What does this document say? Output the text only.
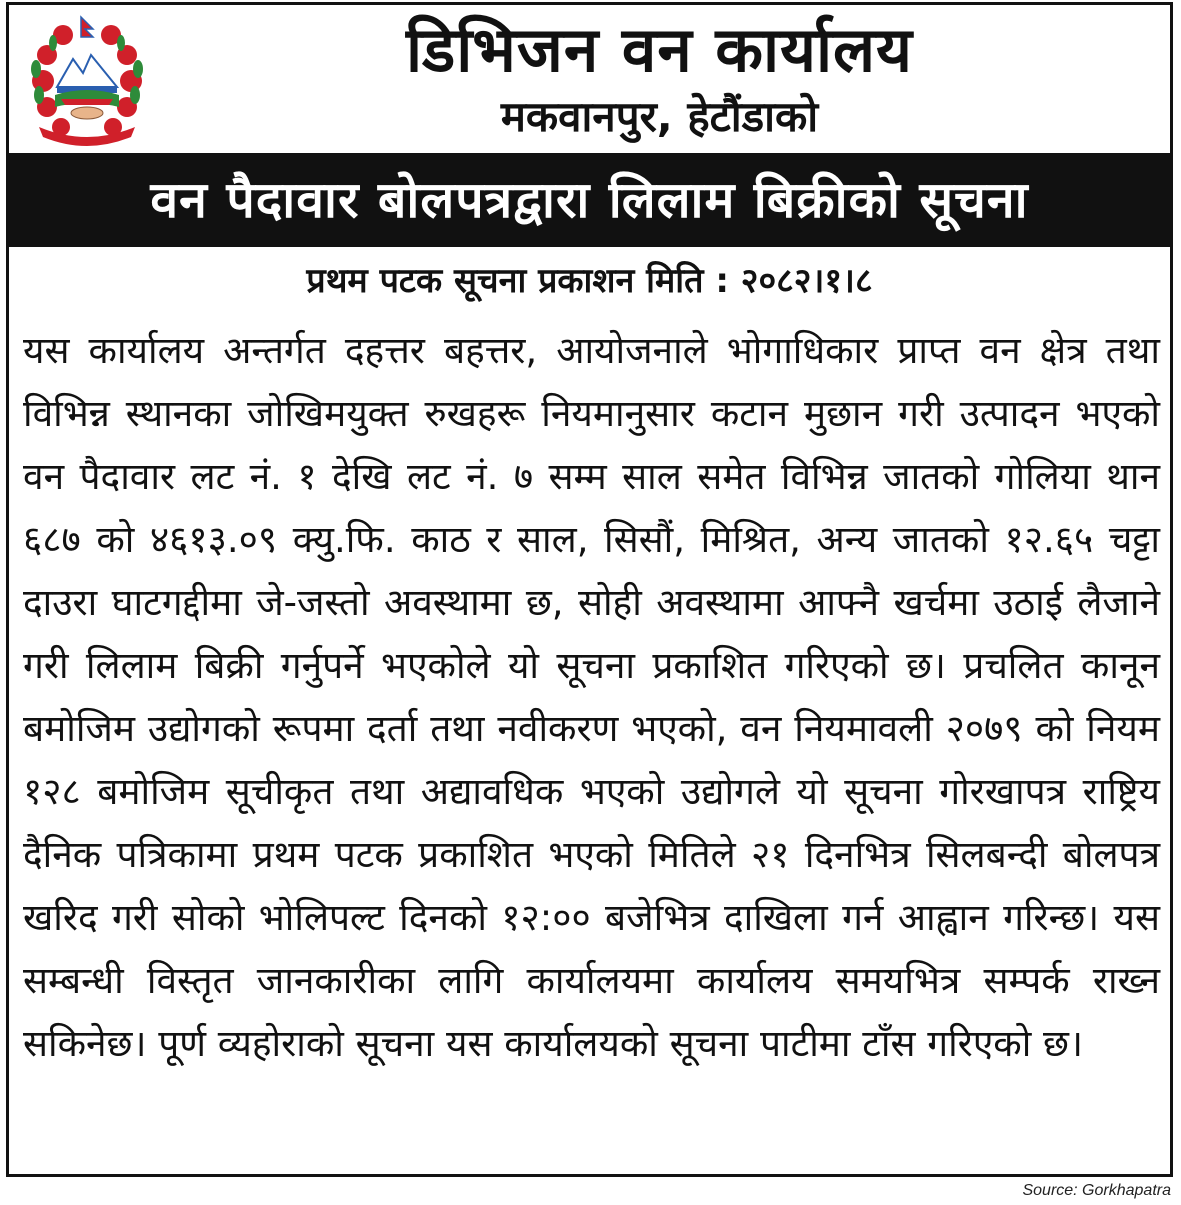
डिभिजन वन कार्यालय
मकवानपुर, हेटौंडाको
वन पैदावार बोलपत्रद्वारा लिलाम बिक्रीको सूचना
प्रथम पटक सूचना प्रकाशन मिति : २०८२।१।८

यस कार्यालय अन्तर्गत दहत्तर बहत्तर, आयोजनाले भोगाधिकार प्राप्त वन क्षेत्र तथा विभिन्न स्थानका जोखिमयुक्त रुखहरू नियमानुसार कटान मुछान गरी उत्पादन भएको वन पैदावार लट नं. १ देखि लट नं. ७ सम्म साल समेत विभिन्न जातको गोलिया थान ६८७ को ४६१३.०९ क्यु.फि. काठ र साल, सिसौं, मिश्रित, अन्य जातको १२.६५ चट्टा दाउरा घाटगद्दीमा जे-जस्तो अवस्थामा छ, सोही अवस्थामा आफ्नै खर्चमा उठाई लैजाने गरी लिलाम बिक्री गर्नुपर्ने भएकोले यो सूचना प्रकाशित गरिएको छ। प्रचलित कानून बमोजिम उद्योगको रूपमा दर्ता तथा नवीकरण भएको, वन नियमावली २०७९ को नियम १२८ बमोजिम सूचीकृत तथा अद्यावधिक भएको उद्योगले यो सूचना गोरखापत्र राष्ट्रिय दैनिक पत्रिकामा प्रथम पटक प्रकाशित भएको मितिले २१ दिनभित्र सिलबन्दी बोलपत्र खरिद गरी सोको भोलिपल्ट दिनको १२:०० बजेभित्र दाखिला गर्न आह्वान गरिन्छ। यस सम्बन्धी विस्तृत जानकारीका लागि कार्यालयमा कार्यालय समयभित्र सम्पर्क राख्न सकिनेछ। पूर्ण व्यहोराको सूचना यस कार्यालयको सूचना पाटीमा टाँस गरिएको छ।

Source: Gorkhapatra
